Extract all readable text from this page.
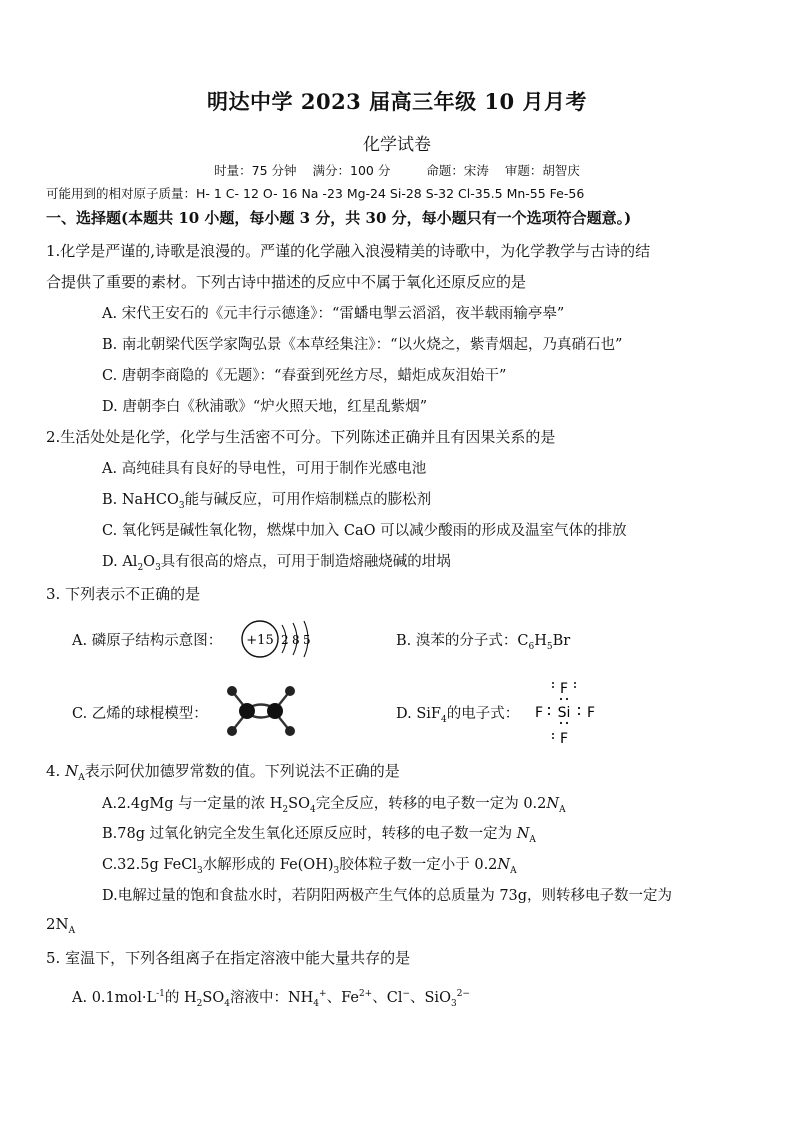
明达中学 2023 届高三年级 10 月月考
化学试卷
时量：75 分钟 满分：100 分	命题：宋涛 审题：胡智庆
可能用到的相对原子质量：H- 1 C- 12 O- 16 Na -23 Mg-24 Si-28 S-32 Cl-35.5 Mn-55 Fe-56
一、选择题(本题共 10 小题，每小题 3 分，共 30 分，每小题只有一个选项符合题意。)
1.化学是严谨的,诗歌是浪漫的。严谨的化学融入浪漫精美的诗歌中，为化学教学与古诗的结
合提供了重要的素材。下列古诗中描述的反应中不属于氧化还原反应的是
A. 宋代王安石的《元丰行示德逢》：“雷蟠电掣云滔滔，夜半载雨输亭皋”
B. 南北朝梁代医学家陶弘景《本草经集注》：“以火烧之，紫青烟起，乃真硝石也”
C. 唐朝李商隐的《无题》：“春蚕到死丝方尽，蜡炬成灰泪始干”
D. 唐朝李白《秋浦歌》“炉火照天地，红星乱紫烟”
2.生活处处是化学，化学与生活密不可分。下列陈述正确并且有因果关系的是
A. 高纯硅具有良好的导电性，可用于制作光感电池
B. NaHCO$_3$能与碱反应，可用作焙制糕点的膨松剂
C. 氧化钙是碱性氧化物，燃煤中加入 CaO 可以减少酸雨的形成及温室气体的排放
D. $Al_2O_3$具有很高的熔点，可用于制造熔融烧碱的坩埚
3. 下列表示不正确的是
A. 磷原子结构示意图： +15 2 8 5	B. 溴苯的分子式：$C_6H_5Br$
C. 乙烯的球棍模型：	D. SiF$_4$的电子式：
F
F
F	F
Si
4. $N_A$表示阿伏加德罗常数的值。下列说法不正确的是
A.2.4gMg 与一定量的浓 $H_2SO_4$完全反应，转移的电子数一定为 $0.2N_A$
B.78g 过氧化钠完全发生氧化还原反应时，转移的电子数一定为 $N_A$
C.32.5g FeCl$_3$水解形成的 $Fe(OH)_3$胶体粒子数一定小于 $0.2N_A$
D.电解过量的饱和食盐水时，若阴阳两极产生气体的总质量为 73g，则转移电子数一定为
$2N_A$
5. 室温下，下列各组离子在指定溶液中能大量共存的是
A. $0.1mol\cdot L^{-1}$的 $H_2SO_4$溶液中：$NH_4^+$、$Fe^{2+}$、Cl−、SiO$_3^{2-}$
